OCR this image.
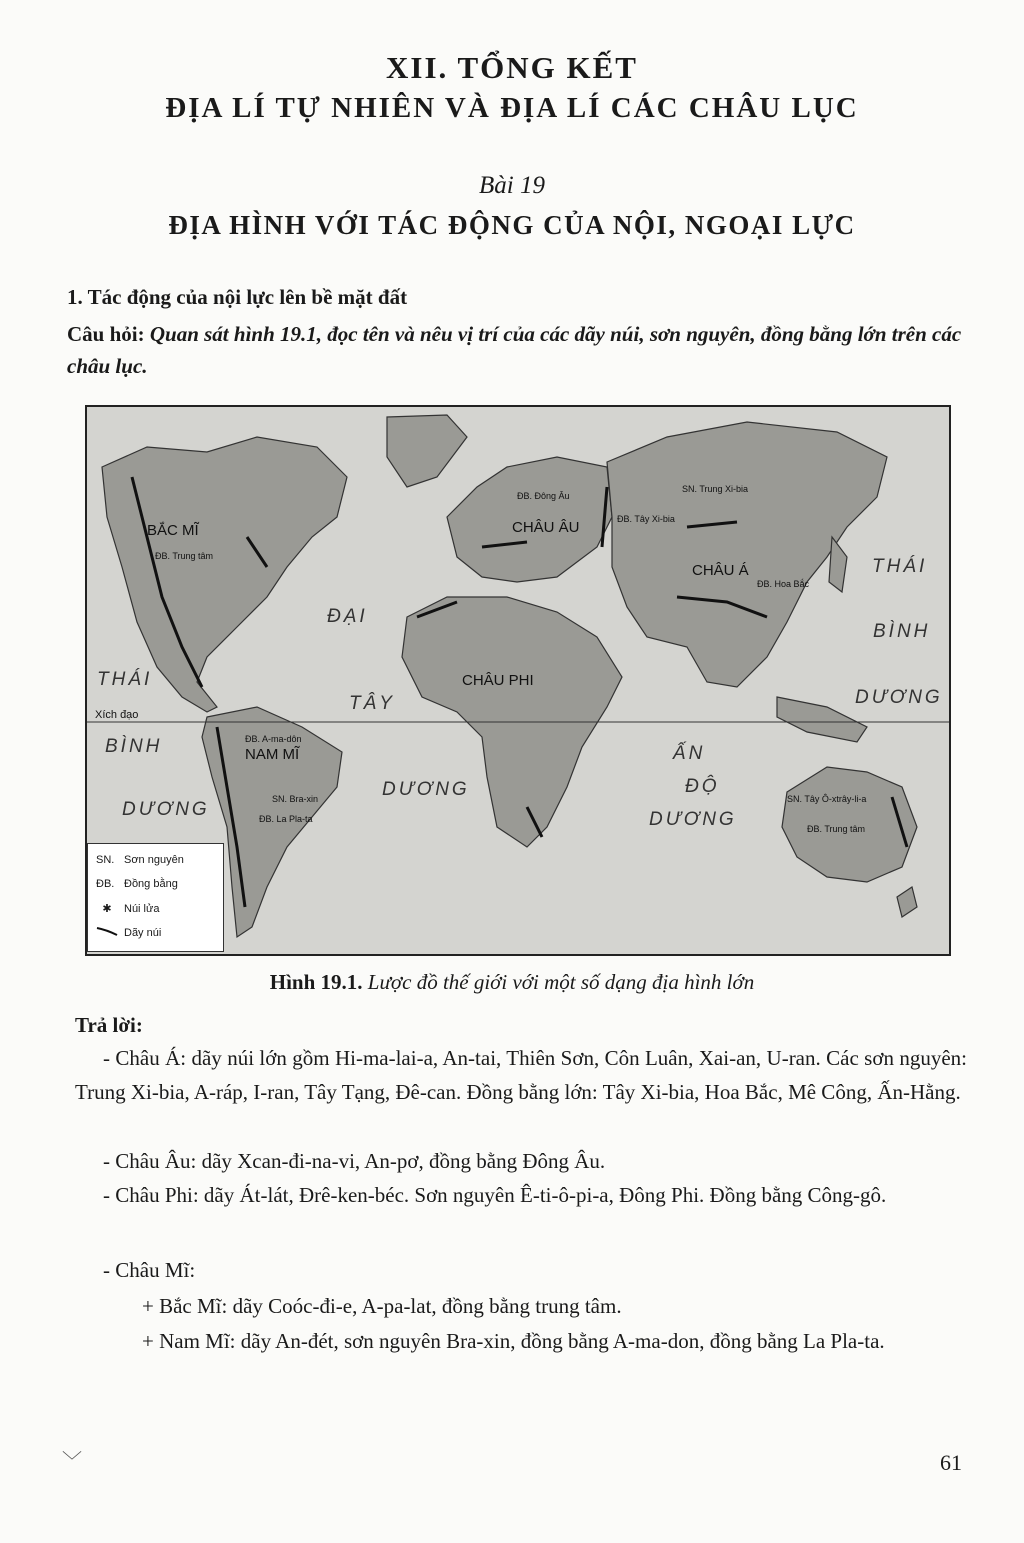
XII. TỔNG KẾT
ĐỊA LÍ TỰ NHIÊN VÀ ĐỊA LÍ CÁC CHÂU LỤC
Bài 19
ĐỊA HÌNH VỚI TÁC ĐỘNG CỦA NỘI, NGOẠI LỰC
1. Tác động của nội lực lên bề mặt đất
Câu hỏi: Quan sát hình 19.1, đọc tên và nêu vị trí của các dãy núi, sơn nguyên, đồng bằng lớn trên các châu lục.
Xích đạo
BẮC MĨ
NAM MĨ
CHÂU ÂU
CHÂU PHI
CHÂU Á
THÁI
BÌNH
DƯƠNG
ĐẠI
TÂY
DƯƠNG
ẤN
ĐỘ
DƯƠNG
THÁI
BÌNH
DƯƠNG
ĐB. Trung tâm
ĐB. A-ma-dôn
SN. Bra-xin
ĐB. La Pla-ta
ĐB. Đông Âu
ĐB. Tây Xi-bia
SN. Trung Xi-bia
ĐB. Hoa Bắc
SN. Tây Ô-xtrây-li-a
ĐB. Trung tâm
SN. Sơn nguyên
ĐB. Đồng bằng
✱	Núi lửa
Dãy núi
Hình 19.1. Lược đồ thế giới với một số dạng địa hình lớn
Trả lời:
- Châu Á: dãy núi lớn gồm Hi-ma-lai-a, An-tai, Thiên Sơn, Côn Luân, Xai-an, U-ran. Các sơn nguyên: Trung Xi-bia, A-ráp, I-ran, Tây Tạng, Đê-can. Đồng bằng lớn: Tây Xi-bia, Hoa Bắc, Mê Công, Ấn-Hằng.
- Châu Âu: dãy Xcan-đi-na-vi, An-pơ, đồng bằng Đông Âu.
- Châu Phi: dãy Át-lát, Đrê-ken-béc. Sơn nguyên Ê-ti-ô-pi-a, Đông Phi. Đồng bằng Công-gô.
- Châu Mĩ:
+ Bắc Mĩ: dãy Coóc-đi-e, A-pa-lat, đồng bằng trung tâm.
+ Nam Mĩ: dãy An-đét, sơn nguyên Bra-xin, đồng bằng A-ma-don, đồng bằng La Pla-ta.
﹀	61
